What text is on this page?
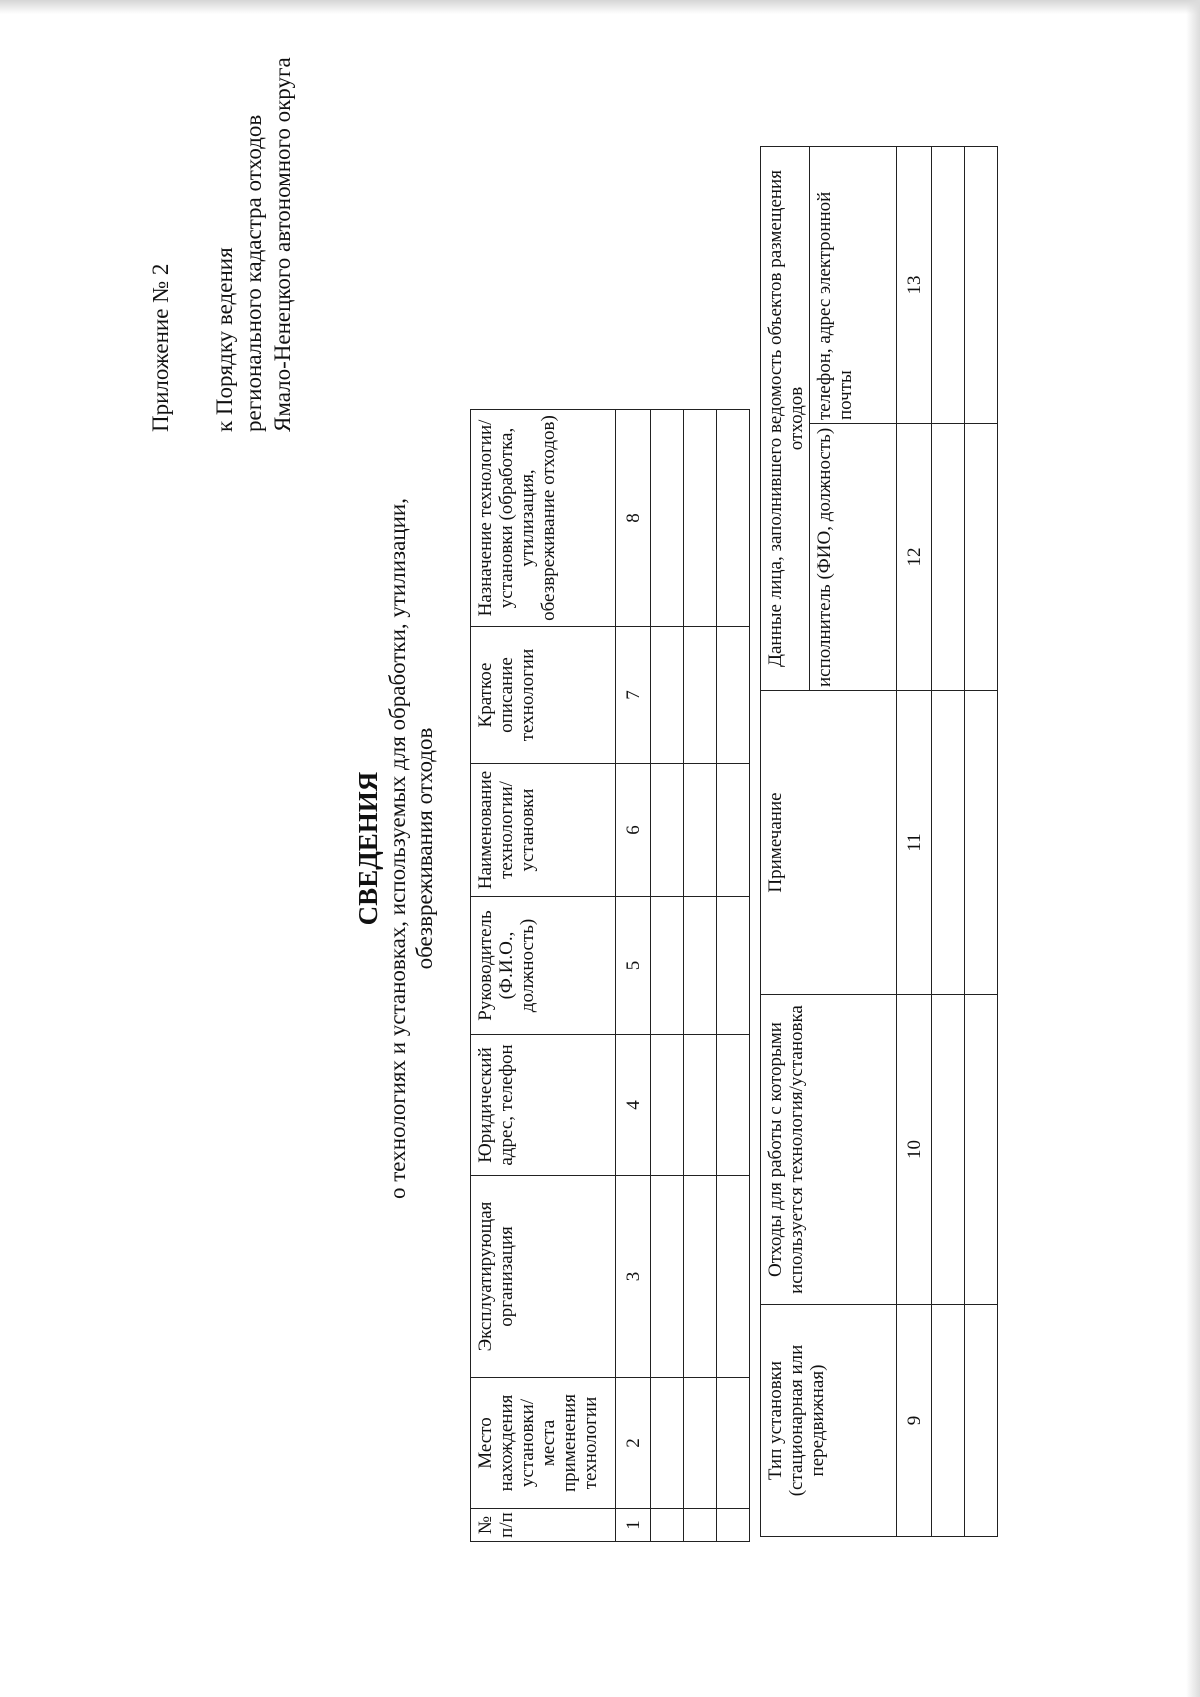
Приложение № 2 к Порядку ведения регионального кадастра отходов Ямало-Ненецкого автономного округа
СВЕДЕНИЯ о технологиях и установках, используемых для обработки, утилизации, обезвреживания отходов
№ п/п	Место нахождения установки/места применения технологии	Эксплуатирующая организация	Юридический адрес, телефон	Руководитель (Ф.И.О., должность)	Наименование технологии/ установки	Краткое описание технологии	Назначение технологии/установки (обработка, утилизация, обезвреживание отходов)
1	2	3	4	5	6	7	8

Тип установки (стационарная или передвижная)	Отходы для работы с которыми используется технология/установка	Примечание	Данные лица, заполнившего ведомость объектов размещения отходов	
			исполнитель (ФИО, должность)	телефон, адрес электронной почты
9	10	11	12	13
